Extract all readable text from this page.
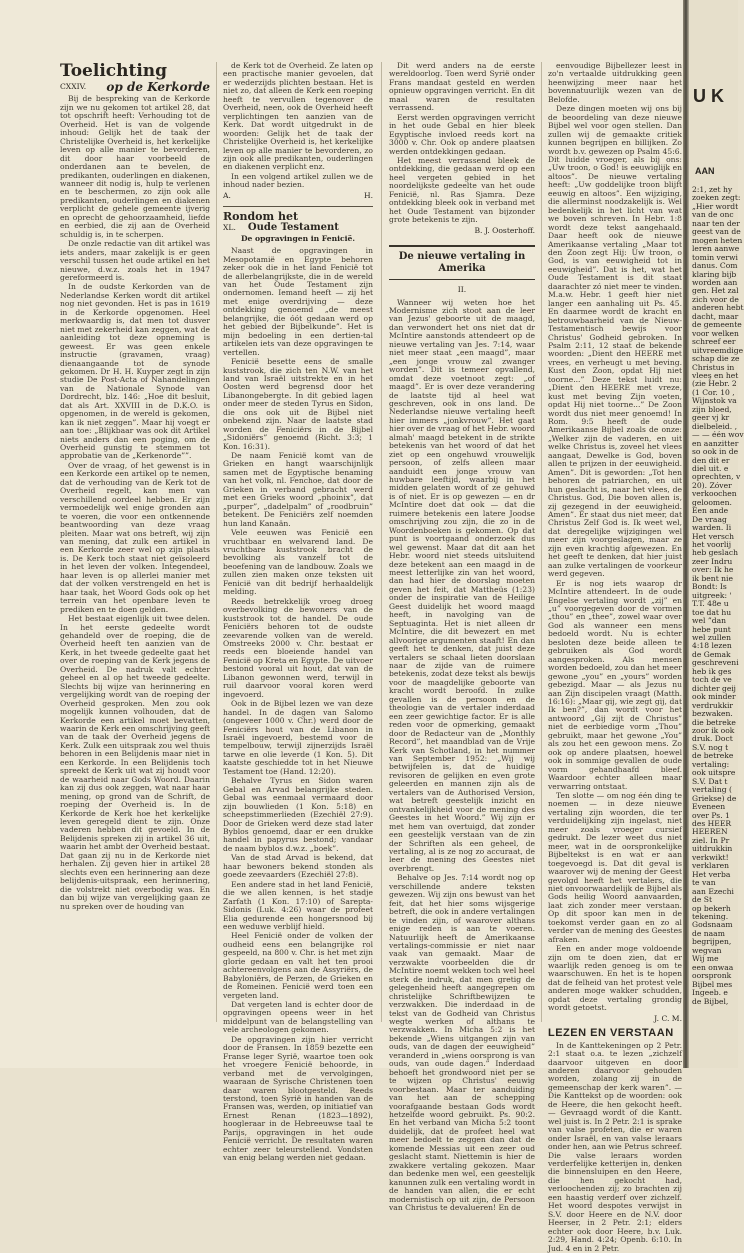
Toelichting
CXXIV. op de Kerkorde

Bij de bespreking van de Kerkorde zijn we nu gekomen tot artikel 28, dat tot opschrift heeft: Verhouding tot de Overheid. Het is van de volgende inhoud: Gelijk het de taak der Christelijke Overheid is, het kerkelijke leven op alle manier te bevorderen, dit door haar voorbeeld de onderdanen aan te bevelen, de predikanten, ouderlingen en diakenen, wanneer dit nodig is, hulp te verlenen en te beschermen, zo zijn ook alle predikanten, ouderlingen en diakenen verplicht de gehele gemeente ijverig en oprecht de gehoorzaamheid, liefde en eerbied, die zij aan de Overheid schuldig is, in te scherpen.

De onzle redactie van dit artikel was iets anders, maar zakelijk is er geen verschil tussen het oude artikel en het nieuwe, d.w.z. zoals het in 1947 gereformeerd is.

In de oudste Kerkorden van de Nederlandse Kerken wordt dit artikel nog niet gevonden. Het is pas in 1619 in de Kerkorde opgenomen. Heel merkwaardig is, dat men tot dusver niet met zekerheid kan zeggen, wat de aanleiding tot deze opneming is geweest. Er was geen enkele instructie (gravamen, vraag) dienaangaande tot de synode gekomen. Dr H. H. Kuyper zegt in zijn studie De Post-Acta of Nahandelingen van de Nationale Synode van Dordrecht, blz. 146: „Hoe dit besluit, dat als Art. XXVIII in de D.K.O. is opgenomen, in de wereld is gekomen, kan ik niet zeggen”. Maar hij voegt er aan toe: „Blijkbaar was ook dit Artikel niets anders dan een poging, om de Overheid gunstig te stemmen tot approbatie van de „Kerkenorde””.

Over de vraag, of het gewenst is in een Kerkorde een artikel op te nemen, dat de verhouding van de Kerk tot de Overheid regelt, kan men van verschillend oordeel hebben. Er zijn vermoedelijk wel enige gronden aan te voeren, die voor een ontkennende beantwoording van deze vraag pleiten. Maar wat ons betreft, wij zijn van mening, dat zulk een artikel in een Kerkorde zeer wel op zijn plaats is. De Kerk toch staat niet geïsoleerd in het leven der volken. Integendeel, haar leven is op allerlei manier met dat der volken verstrengeld en het is haar taak, het Woord Gods ook op het terrein van het openbare leven te prediken en te doen gelden.

Het bestaat eigenlijk uit twee delen. In het eerste gedeelte wordt gehandeld over de roeping, die de Overheid heeft ten aanzien van de Kerk, in het tweede gedeelte gaat het over de roeping van de Kerk jegens de Overheid. De nadruk valt echter geheel en al op het tweede gedeelte. Slechts bij wijze van herinnering en vergelijking wordt van de roeping der Overheid gesproken. Men zou ook mogelijk kunnen volhouden, dat de Kerkorde een artikel moet bevatten, waarin de Kerk een omschrijving geeft van de taak der Overheid jegens de Kerk. Zulk een uitspraak zou wel thuis behoren in een Belijdenis maar niet in een Kerkorde. In een Belijdenis toch spreekt de Kerk uit wat zij houdt voor de waarheid naar Gods Woord. Daarin kan zij dus ook zeggen, wat naar haar mening, op grond van de Schrift, de roeping der Overheid is. In de Kerkorde de Kerk hoe het kerkelijke leven geregeld dient te zijn. Onze vaderen hebben dit gevoeld. In de Belijdenis spreken zij in artikel 36 uit, waarin het ambt der Overheid bestaat. Dat gaan zij nu in de Kerkorde niet herhalen. Zij geven hier in artikel 28 slechts even een herinnering aan deze belijdenis-uitspraak, een herinnering, die volstrekt niet overbodig was. En dan bij wijze van vergelijking gaan ze nu spreken over de houding van

de Kerk tot de Overheid. Ze laten op een practische manier gevoelen, dat er wederzijds plichten bestaan. Het is niet zo, dat alleen de Kerk een roeping heeft te vervullen tegenover de Overheid, neen, ook de Overheid heeft verplichtingen ten aanzien van de Kerk. Dat wordt uitgedrukt in de woorden: Gelijk het de taak der Christelijke Overheid is, het kerkelijke leven op alle manier te bevorderen, zo zijn ook alle predikanten, ouderlingen en diakenen verplicht enz.

In een volgend artikel zullen we de inhoud nader bezien.

A.	H.
Rondom het
XL. Oude Testament
De opgravingen in Fenicië.

Naast de opgravingen in Mesopotamië en Egypte behoren zeker ook die in het land Fenicië tot de allerbelangrijkste, die in de wereld van het Oude Testament zijn ondernomen. Iemand heeft — zij het met enige overdrijving — deze ontdekking genoemd „de meest belangrijke, die óót gedaan werd op het gebied der Bijbelkunde”. Het is mijn bedoeling in een dertien-tal artikelen iets van deze opgravingen te vertellen.

Fenicië besette eens de smalle kuststrook, die zich ten N.W. van het land van Israël uitstrekte en in het Oosten werd begrensd door het Libanongebergte. In dit gebied lagen onder meer de steden Tyrus en Sidon, die ons ook uit de Bijbel niet onbekend zijn. Naar de laatste stad worden de Feniciërs in de Bijbel „Sidoniërs” genoemd (Richt. 3:3; 1 Kon. 16:31).

De naam Fenicië komt van de Grieken en hangt waarschijnlijk samen met de Egyptische benaming van het volk, nl. Fenchoe, dat door de Grieken in verband gebracht werd met een Grieks woord „phoinix”, dat „purper”, „dadelpalm” of „roodbruin” betekent. De Feniciërs zelf noemden hun land Kanaän.

Vele eeuwen was Fenicië een vruchtbaar en welvarend land. De vruchtbare kuststrook bracht de bevolking als vanzelf tot de beoefening van de landbouw. Zoals we zullen zien maken onze teksten uit Fenicië van dit bedrijf herhaaldelijk melding.

Reeds betrekkelijk vroeg droeg overbevolking de bewoners van de kuststrook tot de handel. De oude Feniciërs behoren tot de oudste zeevarende volken van de wereld. Omstreeks 2000 v. Chr. bestaat er reeds een bloeiende handel van Fenicië op Kreta en Egypte. De uitvoer bestond vooral uit hout, dat van de Libanon gewonnen werd, terwijl in ruil daarvoor vooral koren werd ingevoerd.

Ook in de Bijbel lezen we van deze handel. In de dagen van Salomo (ongeveer 1000 v. Chr.) werd door de Feniciërs hout van de Libanon in Israël ingevoerd, bestemd voor de tempelbouw, terwijl zijnerzijds Israël tarwe en olie leverde (1 Kon. 5). Dit kaatste geschiedde tot in het Nieuwe Testament toe (Hand. 12:20).

Behalve Tyrus en Sidon waren Gebal en Arvad belangrijke steden. Gebal was eenmaal vermaard door zijn bouwlieden (1 Kon. 5:18) en scheepstimmerlieden (Ezechiël 27:9). Door de Grieken werd deze stad later Byblos genoemd, daar er een drukke handel in papyrus bestond; vandaar de naam byblos d.w.z. „boek”.

Van de stad Arvad is bekend, dat haar bewoners bekend stonden als goede zeevaarders (Ezechiël 27:8).

Een andere stad in het land Fenicië, die we allen kennen, is het stadje Zarfath (1 Kon. 17:10) of Sarepta-Sidonis (Luk. 4:26) waar de profeet Elia gedurende een hongersnood bij een weduwe verblijf hield.

Heel Fenicië onder de volken der oudheid eens een belangrijke rol gespeeld, na 800 v. Chr. is het met zijn glorie gedaan en valt het ten prooi achtereenvolgens aan de Assyriërs, de Babyloniërs, de Perzen, de Grieken en de Romeinen. Fenicië werd toen een vergeten land.

Dat vergeten land is echter door de opgravingen opeens weer in het middelpunt van de belangstelling van vele archeologen gekomen.

De opgravingen zijn hier verricht door de Fransen. In 1859 bezette een Franse leger Syrië, waartoe toen ook het vroegere Fenicië behoorde, in verband met de vervolgingen, waaraan de Syrische Christenen toen daar waren blootgesteld. Reeds terstond, toen Syrië in handen van de Fransen was, werden, op initiatief van Ernest Renan (1823—1892), hoogleraar in de Hebreeuwse taal te Parijs, opgravingen in het oude Fenicië verricht. De resultaten waren echter zeer teleurstellend. Vondsten van enig belang werden niet gedaan.

Dit werd anders na de eerste wereldoorlog. Toen werd Syrië onder Frans mandaat gesteld en werden opnieuw opgravingen verricht. En dit maal waren de resultaten verrassend.

Eerst werden opgravingen verricht in het oude Gebal en hier bleek Egyptische invloed reeds kort na 3000 v. Chr. Ook op andere plaatsen werden ontdekkingen gedaan.

Het meest verrassend bleek de ontdekking, die gedaan werd op een heel vergeten gebied in het noordelijkste gedeelte van het oude Fenicië, nl. Ras Sjamra. Deze ontdekking bleek ook in verband met het Oude Testament van bijzonder grote betekenis te zijn.

B. J. Oosterhoff.
De nieuwe vertaling in Amerika
II.

Wanneer wij weten hoe het Modernisme zich stoot aan de leer van Jezus' geboorte uit de maagd, dan verwondert het ons niet dat dr McIntire aanstonds attendeert op de nieuwe vertaling van Jes. 7:14, waar niet meer staat „een maagd”, maar „een jonge vrouw zal zwanger worden”. Dit is temeer opvallend, omdat deze voetnoot zegt: „of maagd”. Er is over deze verandering de laatste tijd al heel wat geschreven, ook in ons land. De Nederlandse nieuwe vertaling heeft hier immers „jonkvrouw”. Het gaat hier over de vraag of het Hebr. woord almah' maagd betekent in de strikte betekenis van het woord of dat het ziet op een ongehuwd vrouwelijk persoon, of zelfs alleen maar aanduidt een jonge vrouw van huwbare leeftijd, waarbij in het midden gelaten wordt of ze gehuwd is of niet. Er is op gewezen — en dr McIntire doet dat ook — dat die ruimere betekenis een latere Joodse omschrijving zou zijn, die zo in de Woordenboeken is gekomen. Op dat punt is voortgaand onderzoek dus wel gewenst. Maar dat dit aan het Hebr. woord niet steeds uitsluitend deze betekent aan een maagd in de meest letterlijke zin van het woord, dan had hier de doorslag moeten geven het feit, dat Mattheüs (1:23) onder de inspiratie van de Heilige Geest duidelijk het woord maagd heeft, in navolging van de Septuaginta. Het is niet alleen dr McIntire, die dit bewezert en met allvoorige argumenten staaft! En dan geeft het te denken, dat juist deze vertalers se schaal lieten doorslaan naar de zijde van de ruimere betekenis, zodat deze tekst als bewijs voor de maagdelijke geboorte van kracht wordt beroofd. In zulke gevallen is de persoon en de theologie van de vertaler inderdaad een zeer gewichtige factor. Er is alle reden voor de opmerking, gemaakt door de Redacteur van de „Monthly Record”, het maandblad van de Vrije Kerk van Schotland, in het nummer van September 1952: „Wij wij betwijfelen is, dat de huidige revisoren de gelijken en even grote geleerden en mannen zijn als de vertalers van de Authorised Version, wat betreft geestelijk inzicht en ontvankelijkheid voor de mening des Geestes in het Woord.” Wij zijn er met hem van overtuigd, dat zonder een geestelijk verstaan van de zin der Schriften als een geheel, de vertaling, al is ze nog zo accuraat, de leer de mening des Geestes niet overbrengt.

Behalve op Jes. 7:14 wordt nog op verschillende andere teksten gewezen. Wij zijn ons bewust van het feit, dat het hier soms wijsgerige betreft, die ook in andere vertalingen te vinden zijn, of waarover althans enige reden is aan te voeren. Natuurlijk heeft de Amerikaanse vertalings-commissie er niet naar vaak van gemaakt. Maar de verzwakte voorbeelden die dr McIntire noemt wekken toch wel heel sterk de indruk, dat men gretig de gelegenheid heeft aangegrepen om christelijke Schriftbewijzen te verzwakken. Die inderdaad in de tekst van de Godheid van Christus wegte werken of althans te verzwakken. In Micha 5:2 is het bekende „Wiens uitgangen zijn van ouds, van de dagen der eeuwigheid” veranderd in „wiens oorsprong is van ouds, van oude dagen.” Inderdaad behoeft het grondwoord niet per se te wijzen op Christus' eeuwig voorbestaan. Maar ter aanduiding van het aan de schepping voorafgaande bestaan Gods wordt hetzelfde woord gebruikt. Ps. 90:2. En het verband van Micha 5:2 toont duidelijk, dat de profeet heel wat meer bedoelt te zeggen dan dat de komende Messias uit een zeer oud geslacht stamt. Niettemin is hier de zwakkere vertaling gekozen. Maar dan bedenke men wel, een geestelijk kanunnen zulk een vertaling wordt in de handen van allen, die er echt modernistisch op uit zijn, de Persoon van Christus te devalueren! En de

eenvoudige Bijbellezer leest in zo'n vertaalde uitdrukking geen heenwijzing meer naar het bovennatuurlijk wezen van de Belofde.

Deze dingen moeten wij ons bij de beoordeling van deze nieuwe Bijbel wel voor ogen stellen. Dan zullen wij de gemaakte critiek kunnen begrijpen en billijken. Zo wordt b.v. gewezen op Psalm 45:6. Dit luidde vroeger, als bij ons: „Uw troon, o God! is eeuwiglijk en altoos”. De nieuwe vertaling heeft: „Uw goddelijke troon blijft eeuwig en altoos”. Een wijziging, die allerminst noodzakelijk is. Wel bedenkelijk in het licht van wat we boven schreven. In Hebr. 1:8 wordt deze tekst aangehaald. Daar heeft ook de nieuwe Amerikaanse vertaling „Maar tot den Zoon zegt Hij: Uw troon, o God, is van eeuwigheid tot in eeuwigheid”. Dat is het, wat het Oude Testament is dit staat daarachter zó niet meer te vinden. M.a.w. Hebr. 1 geeft hier niet langer een aanhaling uit Ps. 45. En daarmee wordt de kracht en betrouwbaarheid van de Nieuw-Testamentisch bewijs voor Christus' Godheid gebroken. In Psalm 2:11, 12 staat de bekende woorden: „Dient den HEERE met vrees, en verheugt u met beving. Kust den Zoon, opdat Hij niet toorne...” Deze tekst luidt nu: „Dient den HEERE met vreze, kust met beving Zijn voeten, opdat Hij niet toorne...” De Zoon wordt dus niet meer genoemd! In Rom. 9:5 heeft de oude Amerikaanse Bijbel zoals de onze: „Welker zijn de vaderen, en uit welke Christus is, zoveel het vlees aangaat, Dewelke is God, boven allen te prijzen in der eeuwigheid. Amen”. Dit is geworden: „Tot hen behoren de patriarchen, en uit hun geslacht is, naar het vlees, de Christus. God, Die boven allen is, zij gezegend in der eeuwigheid. Amen”. Er staat dus niet meer, dat Christus Zelf God is. Ik weet wel, dat deregelijke wijzigingen wel meer zijn voorgeslagen, maar ze zijn even krachtig afgewezen. En het geeft te denken, dat hier juist aan zulke vertalingen de voorkeur werd gegeven.

Er is nog iets waarop dr McIntire attendeert. In de oude Engelse vertaling wordt „zij” en „u” voorgegeven door de vormen „thou” en „thee”, zowel waar over God als wanneer een mens bedoeld wordt. Nu is echter besloten deze beide alleen te gebruiken als God wordt aangesproken. Als mensen worden bedoeld, zou dan het meer gewone „you” en „yours” worden gebezigd. Maar — als Jezus nu aan Zijn discipelen vraagt (Matth. 16:16): „Maar gij, wie zegt gij, dat Ik ben?”, dan wordt voor het antwoord „Gij zijt de Christus” niet de eerbiedige vorm „Thou” gebruikt, maar het gewone „You” als zou het een gewoon mens. Zo ook op andere plaatsen, hoewel ook in sommige gevallen de oude vorm gehandhaafd bleef. Waardoor echter alleen maar verwarring ontstaat.

Ten slotte — om nog één ding te noemen — in deze nieuwe vertaling zijn woorden, die ter verduidelijking zijn ingelast, niet meer zoals vroeger cursief gedrukt. De lezer weet dus niet meer, wat in de oorspronkelijke Bijbeltekst is en wat er aan toegevoegd is. Dat dit geval is waarover wij de mening der Geest gevolgd heeft het vertalers, die niet onvoorwaardelijk de Bijbel als Gods heilig Woord aanvaarden, laat zich zonder meer verstaan. Op dit spoor kan men in de toekomst verder gaan en zo al verder van de mening des Geestes afraken.

Een en ander moge voldoende zijn om te doen zien, dat er waarlijk reden genoeg is om te waarschuwen. En het is te hopen dat de felheid van het protest vele anderen moge wakker schudden, opdat deze vertaling grondig wordt getoetst.

J. C. M.
LEZEN EN VERSTAAN

In de Kanttekeningen op 2 Petr. 2:1 staat o.a. te lezen „zichzelf daarvoor uitgeven en door anderen daarvoor gehouden worden, zolang zij in de gemeenschap der kerk waren”. — Die Kanttekst op de woorden: ook de Heere, die hen gekocht heeft. — Gevraagd wordt of die Kantt. wel juist is. In 2 Petr. 2:1 is sprake van valse profeten, die er waren onder Israël, en van valse leraars onder hen, aan wie Petrus schreef. Die valse leraars worden verderfelijke ketterijen in, denken die binnensluipen en den Heere, die hen gekocht had, verloochenden zij; zo brachten zij een haastig verderf over zichzelf. Het woord despotes verwijst in S.V. door Heere en de N.V. door Heerser, in 2 Petr. 2:1; elders echter ook door Heere, b.v. Luk. 2:29, Hand. 4:24; Openb. 6:10. In Jud. 4 en in 2 Petr.

U K
AAN
2:1, zet hy
zoeken zegt:
„Hier wordt
van de onc
naar ten der
geest van de
mogen heten
leren aanwe
tomin verwi
danus. Com
klaring bijb
worden aan
gen. Het zal
zich voor de
anderen hebt
dacht, maar
de gemeente
voor welken
schreef eer
uitvreemdige
schap die ze
Christus in
vleeş en het
(zie Hebr. 2
(1 Cor. 10 ,
Wijnstok va
zijn bloed,
geer vj kr
dielbeleid. ,
— — één wov
en aanzitter
so ook in de
den dit er
diel uit. e
oprechten, v
20). Zóver
verkoochen
geloomen.
Een ande
De vraag
warden. Ii
Het versch
het voorlij
heb geslach
zeer Indru
over: Ik he
ik bent nie
Bondt: Is
uitgreek: '
T.T. 48e u
toe dat hu
wel ”dan
hebe punt
wel zullen
4:18 lezen
de Gemak
geschreveni
heb ik ges
toch de ve
dichter geĳ
ook minder
verdrukkir
bezwaken.
die betreke
zoor ik ook
druk. Doct
S.V. nog t
de betreke
vertaling:
ook uitspre
S.V. Dat t
vertaling (
Griekse) de
Eveneen
over Ps. 1
des HEER
HEEREN
ziel. In Pr
uitdrukkin
verkwikt!
verklaren
Het verba
te van
aan Ezechi
de St
op bekerh
tekening.
Godsnaam
de naam
begrijpen,
wegvan
Wij me
een onwaa
oorspronk
Bijbel mes
Ingeeb. e
de Bijbel,
